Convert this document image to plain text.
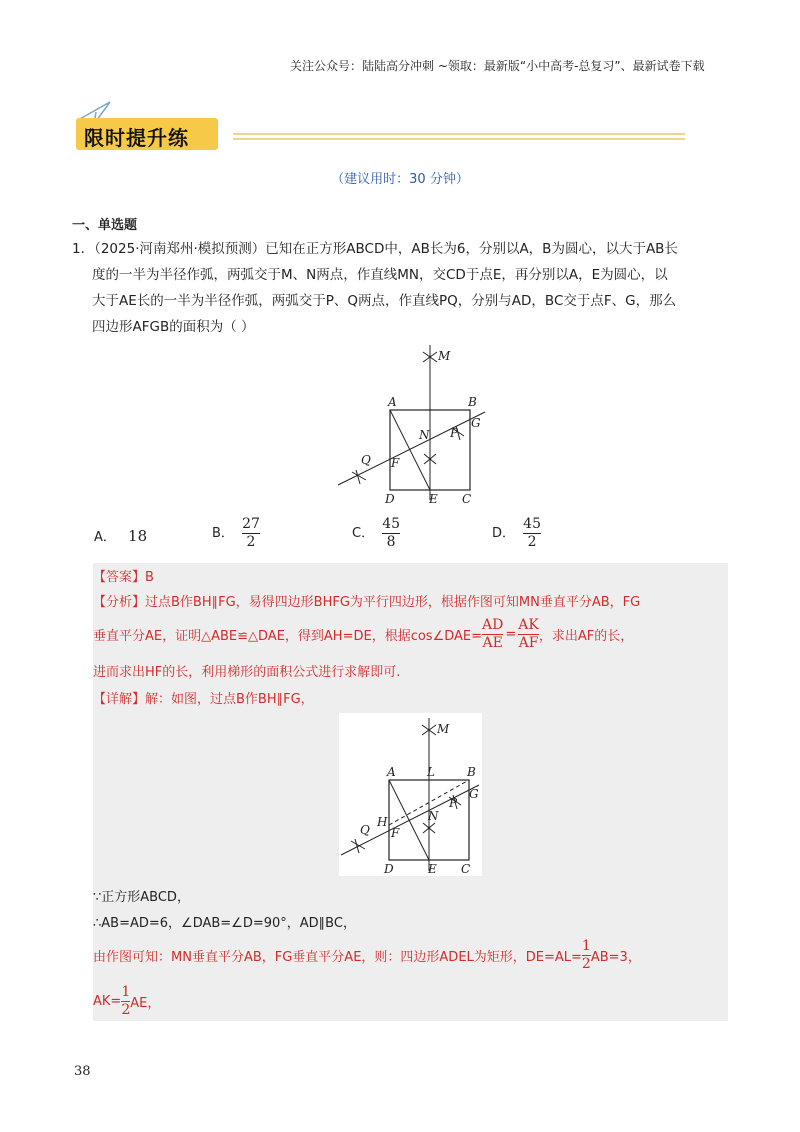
关注公众号：陆陆高分冲刺 ~领取：最新版“小中高考-总复习”、最新试卷下载
限时提升练
（建议用时：30 分钟）
一、单选题
1．（2025·河南郑州·模拟预测）已知在正方形ABCD中，AB长为6，分别以A，B为圆心，以大于AB长
度的一半为半径作弧，两弧交于M、N两点，作直线MN，交CD于点E，再分别以A，E为圆心，以
大于AE长的一半为半径作弧，两弧交于P、Q两点，作直线PQ，分别与AD，BC交于点F、G，那么
四边形AFGB的面积为（ ）
M
A	B
N P
G
Q F
D	E C
A． 18	B． $\frac{27}{2}$	C． $\frac{45}{8}$	D． $\frac{45}{2}$
【答案】B
【分析】过点B作BH∥FG，易得四边形BHFG为平行四边形，根据作图可知MN垂直平分AB，FG
垂直平分AE，证明△ABE≌△DAE，得到AH=DE，根据cos∠DAE= $\frac{AD}{AE} = \frac{AK}{AF}$ ，求出AF的长，
进而求出HF的长，利用梯形的面积公式进行求解即可.
【详解】解：如图，过点B作BH∥FG，
M
A	L	B
P
G
H
Q F
N
D	E C
∵正方形ABCD，
∴AB=AD=6，∠DAB=∠D=90°，AD∥BC，
由作图可知：MN垂直平分AB，FG垂直平分AE，则：四边形ADEL为矩形，$DE=AL= \frac{1}{2} AB=3$，
$AK= \frac{1}{2}$ AE，
38
